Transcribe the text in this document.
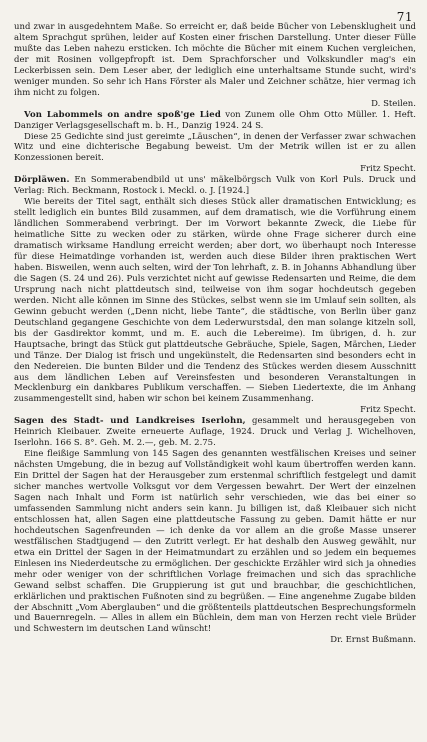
71

und zwar in ausgedehntem Maße. So erreicht er, daß beide Bücher von Lebensklugheit und altem Sprachgut sprühen, leider auf Kosten einer frischen Darstellung. Unter dieser Fülle mußte das Leben nahezu ersticken. Ich möchte die Bücher mit einem Kuchen vergleichen, der mit Rosinen vollgepfropft ist. Dem Sprachforscher und Volkskundler mag's ein Leckerbissen sein. Dem Leser aber, der lediglich eine unterhaltsame Stunde sucht, wird's weniger munden. So sehr ich Hans Förster als Maler und Zeichner schätze, hier vermag ich ihm nicht zu folgen.

D. Steilen.

Von Labommels on andre spoß'ge Lied von Zunem olle Ohm Otto Müller. 1. Heft. Danziger Verlagsgesellschaft m. b. H., Danzig 1924. 24 S.

Diese 25 Gedichte sind just gereimte „Läuschen“, in denen der Verfasser zwar schwachen Witz und eine dichterische Begabung beweist. Um der Metrik willen ist er zu allen Konzessionen bereit.

Fritz Specht.

Dörpläwen. En Sommerabendbild ut uns' mäkelbörgsch Vulk von Korl Puls. Druck und Verlag: Rich. Beckmann, Rostock i. Meckl. o. J. [1924.]

Wie bereits der Titel sagt, enthält sich dieses Stück aller dramatischen Entwicklung; es stellt lediglich ein buntes Bild zusammen, auf dem dramatisch, wie die Vorführung einem ländlichen Sommerabend verbringt. Der im Vorwort bekannte Zweck, die Liebe für heimatliche Sitte zu wecken oder zu stärken, würde ohne Frage sicherer durch eine dramatisch wirksame Handlung erreicht werden; aber dort, wo überhaupt noch Interesse für diese Heimatdinge vorhanden ist, werden auch diese Bilder ihren praktischen Wert haben. Bisweilen, wenn auch selten, wird der Ton lehrhaft, z. B. in Johanns Abhandlung über die Sagen (S. 24 und 26). Puls verzichtet nicht auf gewisse Redensarten und Reime, die dem Ursprung nach nicht plattdeutsch sind, teilweise von ihm sogar hochdeutsch gegeben werden. Nicht alle können im Sinne des Stückes, selbst wenn sie im Umlauf sein sollten, als Gewinn gebucht werden („Denn nicht, liebe Tante“, die städtische, von Berlin über ganz Deutschland gegangene Geschichte von dem Lederwurstsdal, den man solange kitzeln soll, bis der Gasdirektor kommt, und m. E. auch die Lebereime). Im übrigen, d. h. zur Hauptsache, bringt das Stück gut plattdeutsche Gebräuche, Spiele, Sagen, Märchen, Lieder und Tänze. Der Dialog ist frisch und ungekünstelt, die Redensarten sind besonders echt in den Nedereien. Die bunten Bilder und die Tendenz des Stückes werden diesem Ausschnitt aus dem ländlichen Leben auf Vereinsfesten und besonderen Veranstaltungen in Mecklenburg ein dankbares Publikum verschaffen. — Sieben Liedertexte, die im Anhang zusammengestellt sind, haben wir schon bei keinem Zusammenhang.

Fritz Specht.

Sagen des Stadt- und Landkreises Iserlohn, gesammelt und herausgegeben von Heinrich Kleibauer. Zweite erneuerte Auflage, 1924. Druck und Verlag J. Wichelhoven, Iserlohn. 166 S. 8°. Geh. M. 2.—, geb. M. 2.75.

Eine fleißige Sammlung von 145 Sagen des genannten westfälischen Kreises und seiner nächsten Umgebung, die in bezug auf Vollständigkeit wohl kaum übertroffen werden kann. Ein Drittel der Sagen hat der Herausgeber zum erstenmal schriftlich festgelegt und damit sicher manches wertvolle Volksgut vor dem Vergessen bewahrt. Der Wert der einzelnen Sagen nach Inhalt und Form ist natürlich sehr verschieden, wie das bei einer so umfassenden Sammlung nicht anders sein kann. Ju billigen ist, daß Kleibauer sich nicht entschlossen hat, allen Sagen eine plattdeutsche Fassung zu geben. Damit hätte er nur hochdeutschen Sagenfreunden — ich denke da vor allem an die große Masse unserer westfälischen Stadtjugend — den Zutritt verlegt. Er hat deshalb den Ausweg gewählt, nur etwa ein Drittel der Sagen in der Heimatmundart zu erzählen und so jedem ein bequemes Einlesen ins Niederdeutsche zu ermöglichen. Der geschickte Erzähler wird sich ja ohnedies mehr oder weniger von der schriftlichen Vorlage freimachen und sich das sprachliche Gewand selbst schaffen. Die Gruppierung ist gut und brauchbar, die geschichtlichen, erklärlichen und praktischen Fußnoten sind zu begrüßen. — Eine angenehme Zugabe bilden der Abschnitt „Vom Aberglauben“ und die größtenteils plattdeutschen Besprechungsformeln und Bauernregeln. — Alles in allem ein Büchlein, dem man von Herzen recht viele Brüder und Schwestern im deutschen Land wünscht!

Dr. Ernst Bußmann.
